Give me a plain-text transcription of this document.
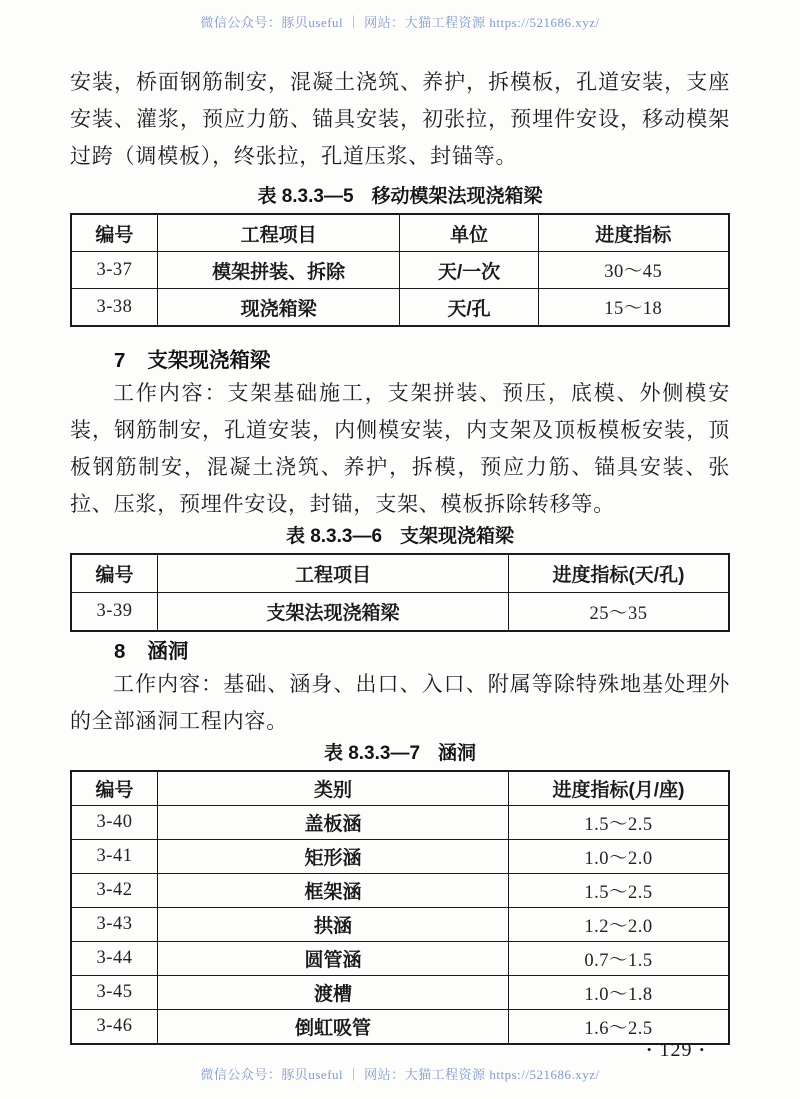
微信公众号：豚贝useful ｜ 网站：大猫工程资源 https://521686.xyz/

安装，桥面钢筋制安，混凝土浇筑、养护，拆模板，孔道安装，支座安装、灌浆，预应力筋、锚具安装，初张拉，预埋件安设，移动模架过跨（调模板），终张拉，孔道压浆、封锚等。

表 8.3.3—5 移动模架法现浇箱梁
编号	工程项目	单位	进度指标
3-37	模架拼装、拆除	天/一次	30～45
3-38	现浇箱梁	天/孔	15～18
7 支架现浇箱梁

工作内容：支架基础施工，支架拼装、预压，底模、外侧模安装，钢筋制安，孔道安装，内侧模安装，内支架及顶板模板安装，顶板钢筋制安，混凝土浇筑、养护，拆模，预应力筋、锚具安装、张拉、压浆，预埋件安设，封锚，支架、模板拆除转移等。

表 8.3.3—6 支架现浇箱梁
编号	工程项目	进度指标(天/孔)
3-39	支架法现浇箱梁	25～35
8 涵洞

工作内容：基础、涵身、出口、入口、附属等除特殊地基处理外的全部涵洞工程内容。

表 8.3.3—7 涵洞
编号	类别	进度指标(月/座)
3-40	盖板涵	1.5～2.5
3-41	矩形涵	1.0～2.0
3-42	框架涵	1.5～2.5
3-43	拱涵	1.2～2.0
3-44	圆管涵	0.7～1.5
3-45	渡槽	1.0～1.8
3-46	倒虹吸管	1.6～2.5
• 129 •
微信公众号：豚贝useful ｜ 网站：大猫工程资源 https://521686.xyz/
